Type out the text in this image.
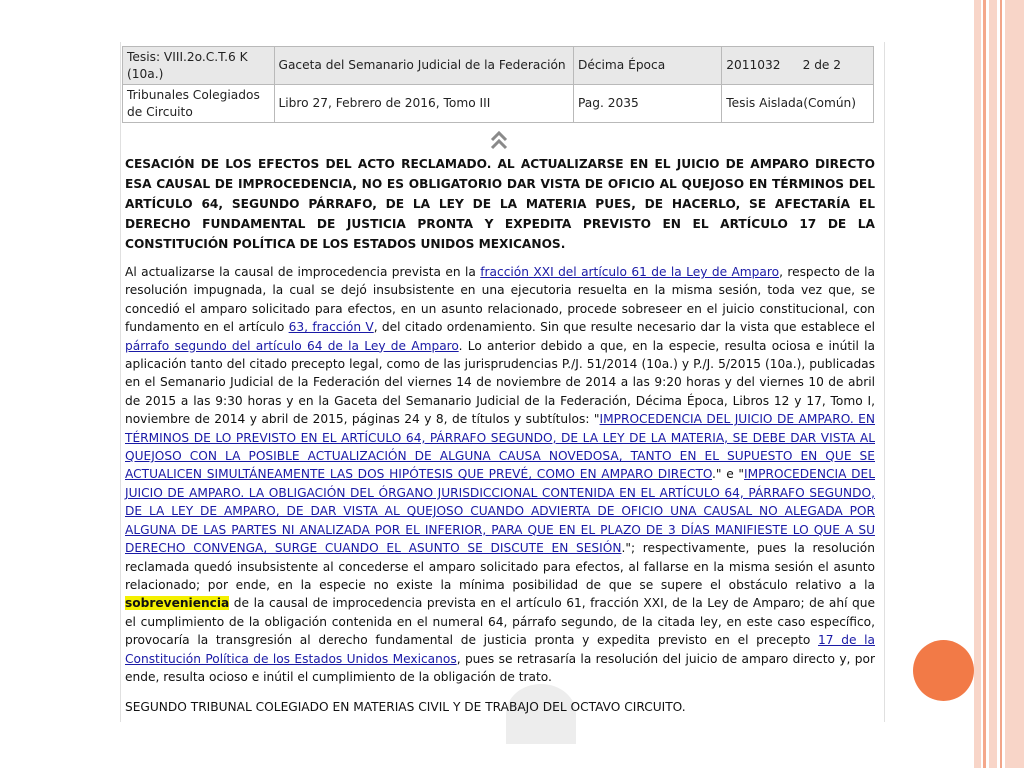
Tesis: VIII.2o.C.T.6 K (10a.)	Gaceta del Semanario Judicial de la Federación	Décima Época	2011032 2 de 2
Tribunales Colegiados de Circuito	Libro 27, Febrero de 2016, Tomo III	Pag. 2035	Tesis Aislada(Común)
CESACIÓN DE LOS EFECTOS DEL ACTO RECLAMADO. AL ACTUALIZARSE EN EL JUICIO DE AMPARO DIRECTO ESA CAUSAL DE IMPROCEDENCIA, NO ES OBLIGATORIO DAR VISTA DE OFICIO AL QUEJOSO EN TÉRMINOS DEL ARTÍCULO 64, SEGUNDO PÁRRAFO, DE LA LEY DE LA MATERIA PUES, DE HACERLO, SE AFECTARÍA EL DERECHO FUNDAMENTAL DE JUSTICIA PRONTA Y EXPEDITA PREVISTO EN EL ARTÍCULO 17 DE LA CONSTITUCIÓN POLÍTICA DE LOS ESTADOS UNIDOS MEXICANOS.
Al actualizarse la causal de improcedencia prevista en la fracción XXI del artículo 61 de la Ley de Amparo, respecto de la resolución impugnada, la cual se dejó insubsistente en una ejecutoria resuelta en la misma sesión, toda vez que, se concedió el amparo solicitado para efectos, en un asunto relacionado, procede sobreseer en el juicio constitucional, con fundamento en el artículo 63, fracción V, del citado ordenamiento. Sin que resulte necesario dar la vista que establece el párrafo segundo del artículo 64 de la Ley de Amparo. Lo anterior debido a que, en la especie, resulta ociosa e inútil la aplicación tanto del citado precepto legal, como de las jurisprudencias P./J. 51/2014 (10a.) y P./J. 5/2015 (10a.), publicadas en el Semanario Judicial de la Federación del viernes 14 de noviembre de 2014 a las 9:20 horas y del viernes 10 de abril de 2015 a las 9:30 horas y en la Gaceta del Semanario Judicial de la Federación, Décima Época, Libros 12 y 17, Tomo I, noviembre de 2014 y abril de 2015, páginas 24 y 8, de títulos y subtítulos: "IMPROCEDENCIA DEL JUICIO DE AMPARO. EN TÉRMINOS DE LO PREVISTO EN EL ARTÍCULO 64, PÁRRAFO SEGUNDO, DE LA LEY DE LA MATERIA, SE DEBE DAR VISTA AL QUEJOSO CON LA POSIBLE ACTUALIZACIÓN DE ALGUNA CAUSA NOVEDOSA, TANTO EN EL SUPUESTO EN QUE SE ACTUALICEN SIMULTÁNEAMENTE LAS DOS HIPÓTESIS QUE PREVÉ, COMO EN AMPARO DIRECTO." e "IMPROCEDENCIA DEL JUICIO DE AMPARO. LA OBLIGACIÓN DEL ÓRGANO JURISDICCIONAL CONTENIDA EN EL ARTÍCULO 64, PÁRRAFO SEGUNDO, DE LA LEY DE AMPARO, DE DAR VISTA AL QUEJOSO CUANDO ADVIERTA DE OFICIO UNA CAUSAL NO ALEGADA POR ALGUNA DE LAS PARTES NI ANALIZADA POR EL INFERIOR, PARA QUE EN EL PLAZO DE 3 DÍAS MANIFIESTE LO QUE A SU DERECHO CONVENGA, SURGE CUANDO EL ASUNTO SE DISCUTE EN SESIÓN."; respectivamente, pues la resolución reclamada quedó insubsistente al concederse el amparo solicitado para efectos, al fallarse en la misma sesión el asunto relacionado; por ende, en la especie no existe la mínima posibilidad de que se supere el obstáculo relativo a la sobreveniencia de la causal de improcedencia prevista en el artículo 61, fracción XXI, de la Ley de Amparo; de ahí que el cumplimiento de la obligación contenida en el numeral 64, párrafo segundo, de la citada ley, en este caso específico, provocaría la transgresión al derecho fundamental de justicia pronta y expedita previsto en el precepto 17 de la Constitución Política de los Estados Unidos Mexicanos, pues se retrasaría la resolución del juicio de amparo directo y, por ende, resulta ocioso e inútil el cumplimiento de la obligación de trato.
SEGUNDO TRIBUNAL COLEGIADO EN MATERIAS CIVIL Y DE TRABAJO DEL OCTAVO CIRCUITO.
